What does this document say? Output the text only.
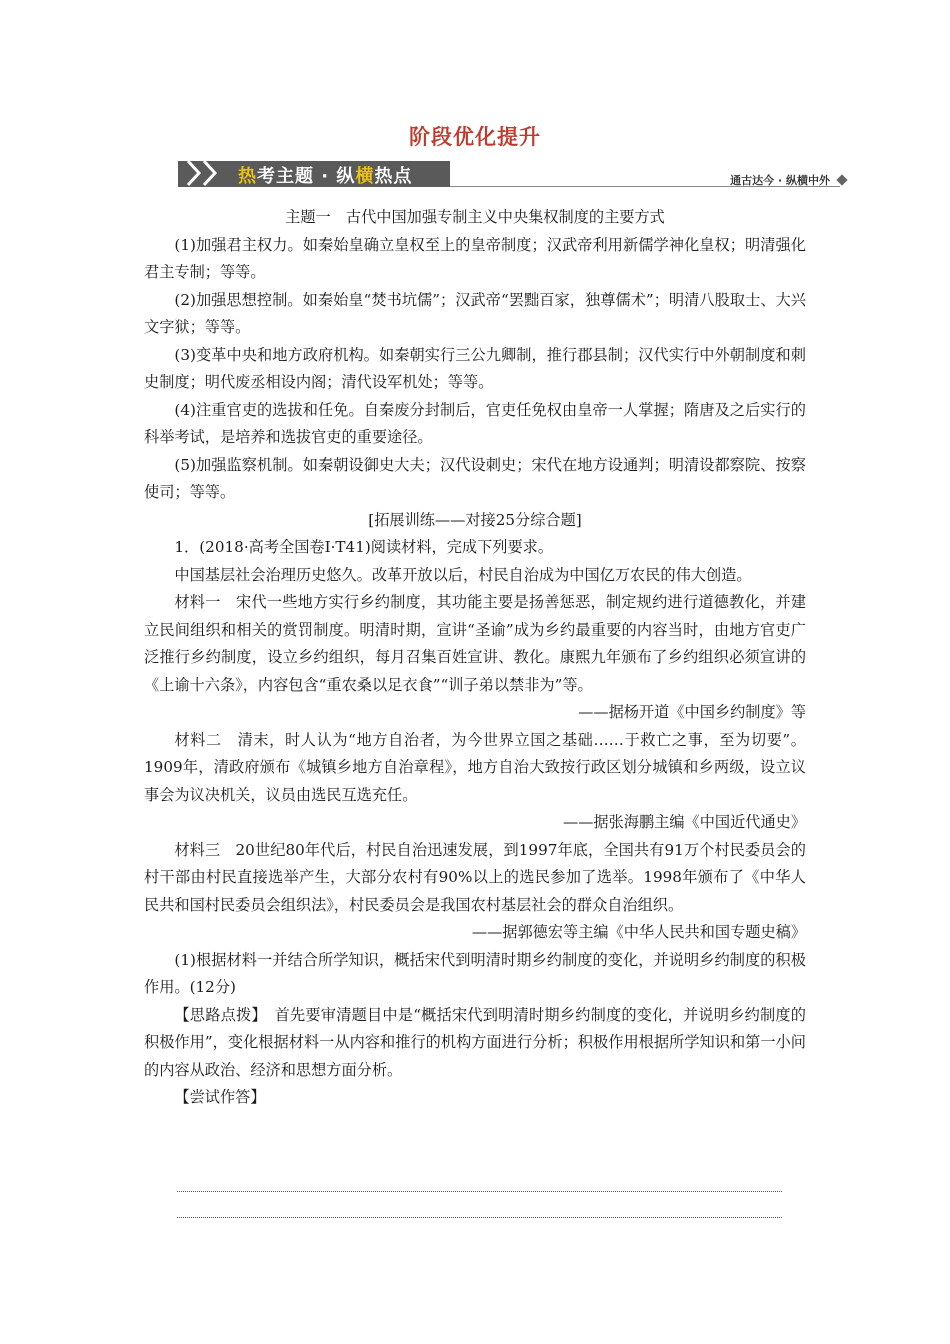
阶段优化提升
热考主题 · 纵横热点	通古达今 · 纵横中外

主题一　古代中国加强专制主义中央集权制度的主要方式

(1)加强君主权力。如秦始皇确立皇权至上的皇帝制度；汉武帝利用新儒学神化皇权；明清强化君主专制；等等。

(2)加强思想控制。如秦始皇“焚书坑儒”；汉武帝“罢黜百家，独尊儒术”；明清八股取士、大兴文字狱；等等。

(3)变革中央和地方政府机构。如秦朝实行三公九卿制，推行郡县制；汉代实行中外朝制度和刺史制度；明代废丞相设内阁；清代设军机处；等等。

(4)注重官吏的选拔和任免。自秦废分封制后，官吏任免权由皇帝一人掌握；隋唐及之后实行的科举考试，是培养和选拔官吏的重要途径。

(5)加强监察机制。如秦朝设御史大夫；汉代设刺史；宋代在地方设通判；明清设都察院、按察使司；等等。

[拓展训练——对接25分综合题]

1．(2018·高考全国卷Ⅰ·T41)阅读材料，完成下列要求。

中国基层社会治理历史悠久。改革开放以后，村民自治成为中国亿万农民的伟大创造。

材料一　宋代一些地方实行乡约制度，其功能主要是扬善惩恶，制定规约进行道德教化，并建立民间组织和相关的赏罚制度。明清时期，宣讲“圣谕”成为乡约最重要的内容当时，由地方官吏广泛推行乡约制度，设立乡约组织，每月召集百姓宣讲、教化。康熙九年颁布了乡约组织必须宣讲的《上谕十六条》，内容包含“重农桑以足衣食”“训子弟以禁非为”等。

——据杨开道《中国乡约制度》等

材料二　清末，时人认为“地方自治者，为今世界立国之基础……于救亡之事，至为切要”。1909年，清政府颁布《城镇乡地方自治章程》，地方自治大致按行政区划分城镇和乡两级，设立议事会为议决机关，议员由选民互选充任。

——据张海鹏主编《中国近代通史》

材料三　20世纪80年代后，村民自治迅速发展，到1997年底，全国共有91万个村民委员会的村干部由村民直接选举产生，大部分农村有90%以上的选民参加了选举。1998年颁布了《中华人民共和国村民委员会组织法》，村民委员会是我国农村基层社会的群众自治组织。

——据郭德宏等主编《中华人民共和国专题史稿》

(1)根据材料一并结合所学知识，概括宋代到明清时期乡约制度的变化，并说明乡约制度的积极作用。(12分)

【思路点拨】　首先要审清题目中是“概括宋代到明清时期乡约制度的变化，并说明乡约制度的积极作用”，变化根据材料一从内容和推行的机构方面进行分析；积极作用根据所学知识和第一小问的内容从政治、经济和思想方面分析。

【尝试作答】
